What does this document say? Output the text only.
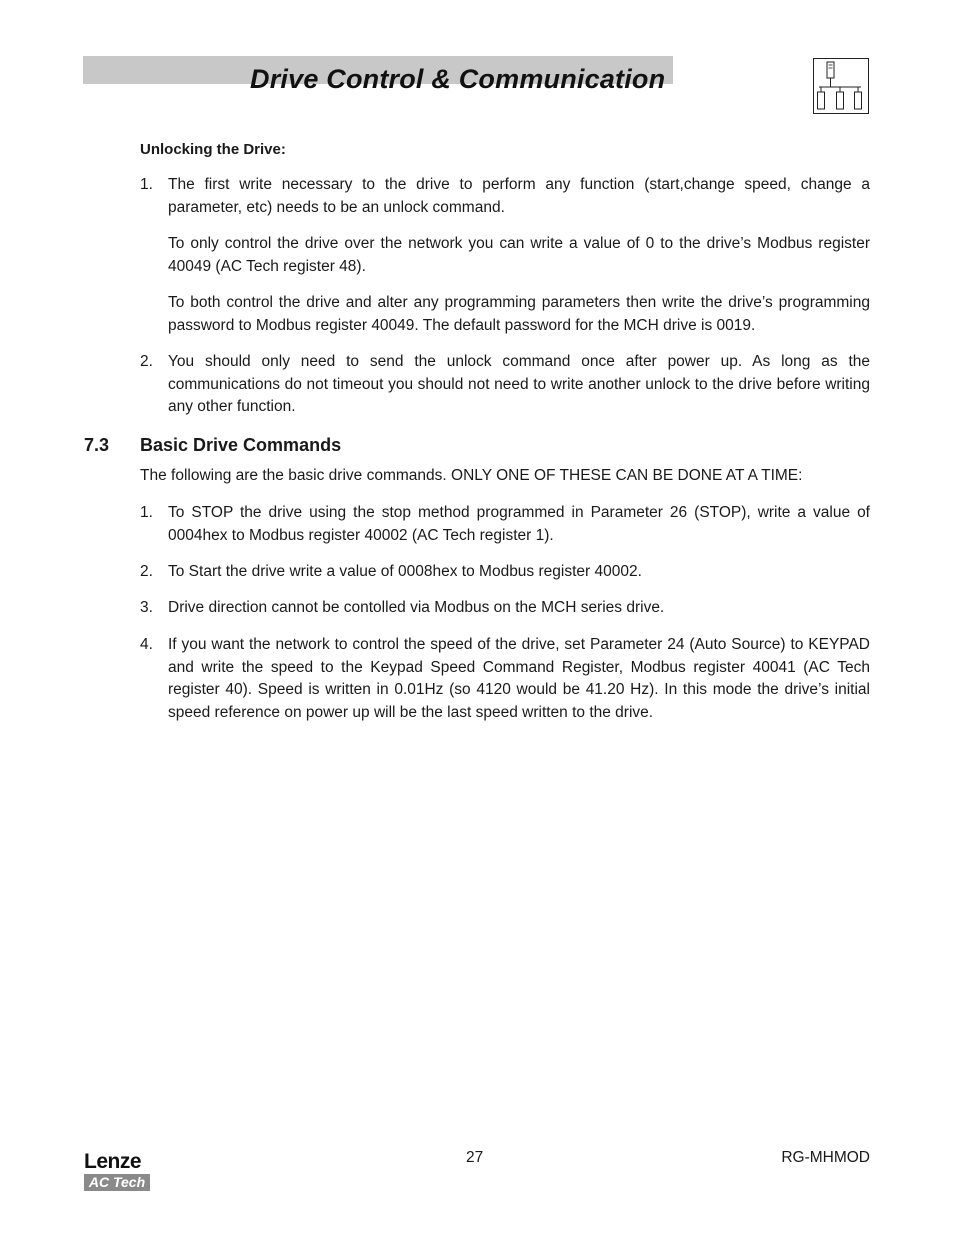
Drive Control & Communication
Unlocking the Drive:
1. The first write necessary to the drive to perform any function (start,change speed, change a parameter, etc) needs to be an unlock command.
To only control the drive over the network you can write a value of 0 to the drive’s Modbus register 40049 (AC Tech register 48).
To both control the drive and alter any programming parameters then write the drive’s programming password to Modbus register 40049. The default password for the MCH drive is 0019.
2. You should only need to send the unlock command once after power up. As long as the communications do not timeout you should not need to write another unlock to the drive before writing any other function.
7.3 Basic Drive Commands
The following are the basic drive commands. ONLY ONE OF THESE CAN BE DONE AT A TIME:
1. To STOP the drive using the stop method programmed in Parameter 26 (STOP), write a value of 0004hex to Modbus register 40002 (AC Tech register 1).
2. To Start the drive write a value of 0008hex to Modbus register 40002.
3. Drive direction cannot be contolled via Modbus on the MCH series drive.
4. If you want the network to control the speed of the drive, set Parameter 24 (Auto Source) to KEYPAD and write the speed to the Keypad Speed Command Register, Modbus register 40041 (AC Tech register 40). Speed is written in 0.01Hz (so 4120 would be 41.20 Hz). In this mode the drive’s initial speed reference on power up will be the last speed written to the drive.
Lenze
AC Tech
27	RG-MHMOD
